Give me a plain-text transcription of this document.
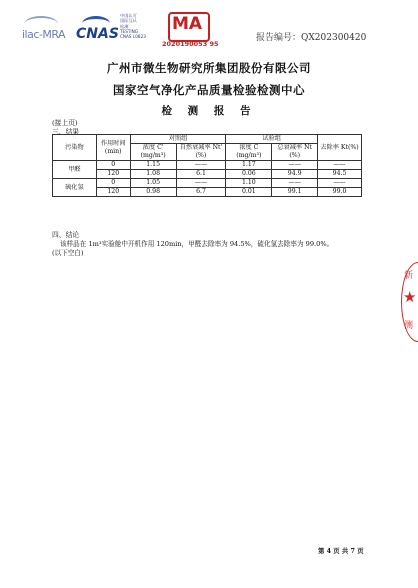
ilac-MRA CNAS
中国认可
国际互认
检测
TESTING
CNAS L0823
MA
2020190053 95
报告编号：QX202300420
广州市微生物研究所集团股份有限公司
国家空气净化产品质量检验检测中心
检 测 报 告
(接上页)
三、结果
污染物	作用时间(min)	对照组		试验组		去除率 Kt(%)
		浓度 C' (mg/m³)	自然衰减率 Nt' (%)	浓度 C (mg/m³)	总衰减率 Nt (%)	
甲醛	0	1.15	——	1.17	——	——
	120	1.08	6.1	0.06	94.9	94.5
硫化氢	0	1.05	——	1.10	——	——
	120	0.98	6.7	0.01	99.1	99.0
四、结论
该样品在 1m³实验舱中开机作用 120min，甲醛去除率为 94.5%，硫化氢去除率为 99.0%。
(以下空白)
第 4 页 共 7 页
新
★
测
